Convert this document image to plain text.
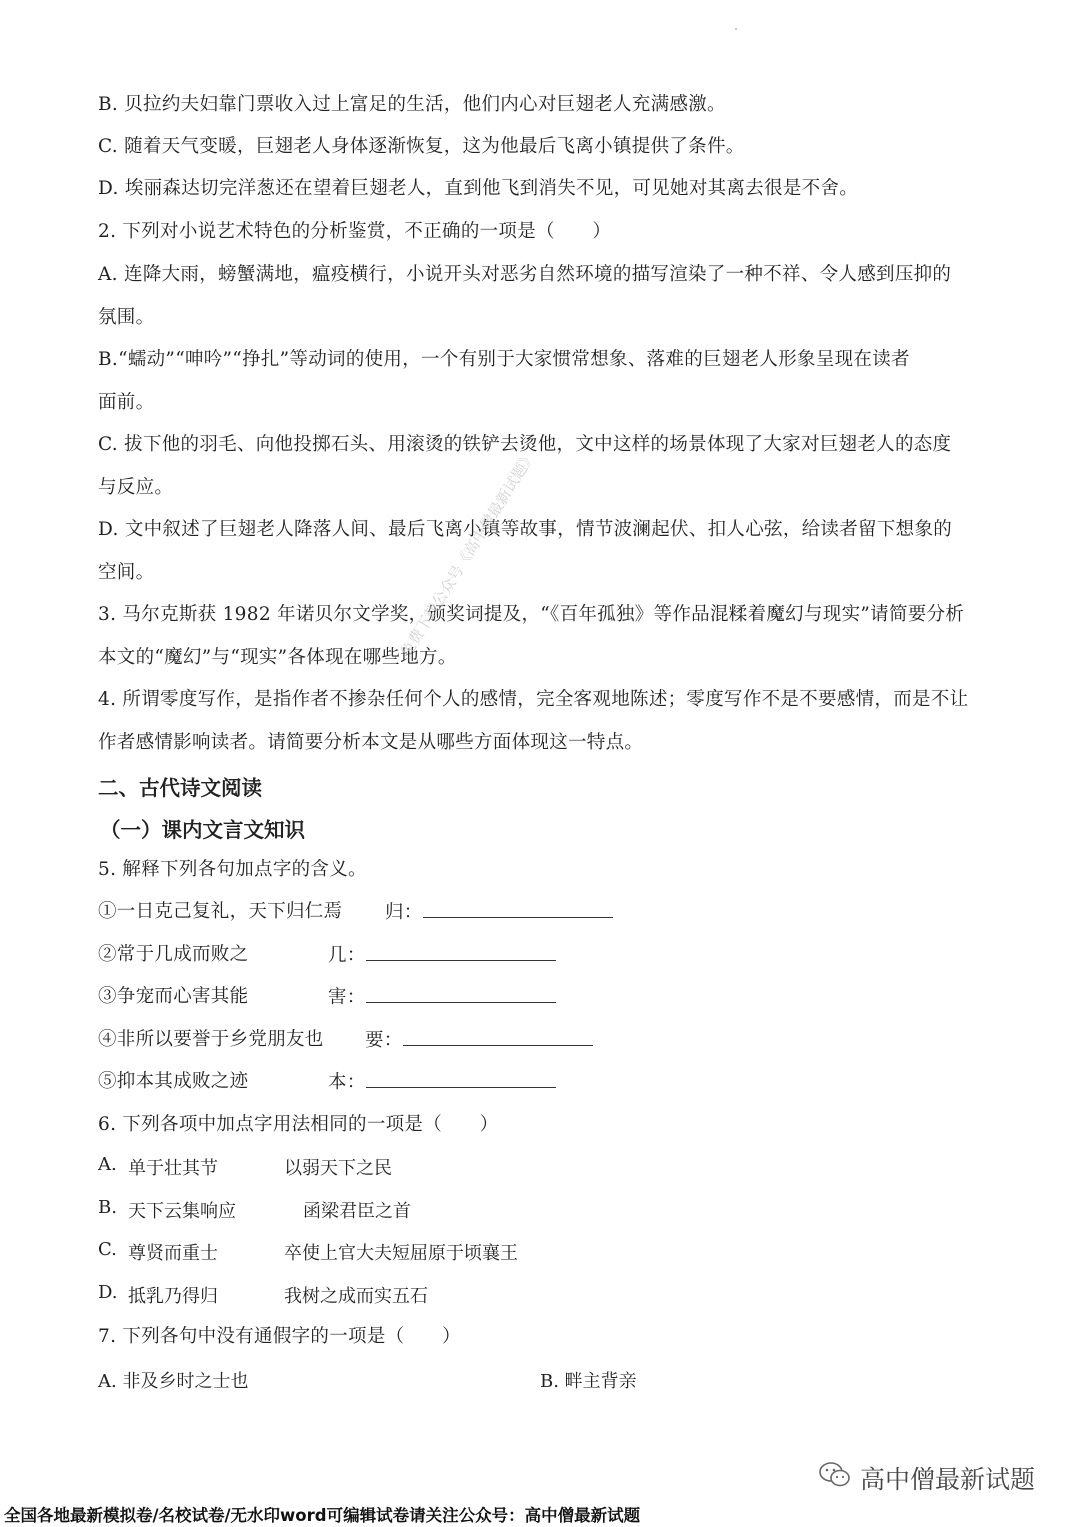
B. 贝拉约夫妇靠门票收入过上富足的生活，他们内心对巨翅老人充满感激。
C. 随着天气变暖，巨翅老人身体逐渐恢复，这为他最后飞离小镇提供了条件。
D. 埃丽森达切完洋葱还在望着巨翅老人，直到他飞到消失不见，可见她对其离去很是不舍。
2. 下列对小说艺术特色的分析鉴赏，不正确的一项是（　　）
A. 连降大雨，螃蟹满地，瘟疫横行，小说开头对恶劣自然环境的描写渲染了一种不祥、令人感到压抑的
氛围。
B.“蠕动”“呻吟”“挣扎”等动词的使用，一个有别于大家惯常想象、落难的巨翅老人形象呈现在读者
面前。
C. 拔下他的羽毛、向他投掷石头、用滚烫的铁铲去烫他，文中这样的场景体现了大家对巨翅老人的态度
与反应。
D. 文中叙述了巨翅老人降落人间、最后飞离小镇等故事，情节波澜起伏、扣人心弦，给读者留下想象的
空间。
3. 马尔克斯获 1982 年诺贝尔文学奖，颁奖词提及，“《百年孤独》等作品混糅着魔幻与现实”请简要分析
本文的“魔幻”与“现实”各体现在哪些地方。
4. 所谓零度写作，是指作者不掺杂任何个人的感情，完全客观地陈述；零度写作不是不要感情，而是不让
作者感情影响读者。请简要分析本文是从哪些方面体现这一特点。
二、古代诗文阅读
（一）课内文言文知识
5. 解释下列各句加点字的含义。
①一日克己复礼，天下归仁焉 归：
②常于几成而败之	几：
③争宠而心害其能	害：
④非所以要誉于乡党朋友也 要：
⑤抑本其成败之迹	本：
6. 下列各项中加点字用法相同的一项是（　　）
A. 单于壮其节	以弱天下之民
B. 天下云集响应	函梁君臣之首
C. 尊贤而重士	卒使上官大夫短屈原于顷襄王
D. 抵乳乃得归	我树之成而实五石
7. 下列各句中没有通假字的一项是（　　）
A. 非及乡时之士也	B. 畔主背亲
免费下载公众号《高中僧最新试题》
高中僧最新试题
全国各地最新模拟卷/名校试卷/无水印word可编辑试卷请关注公众号：高中僧最新试题
